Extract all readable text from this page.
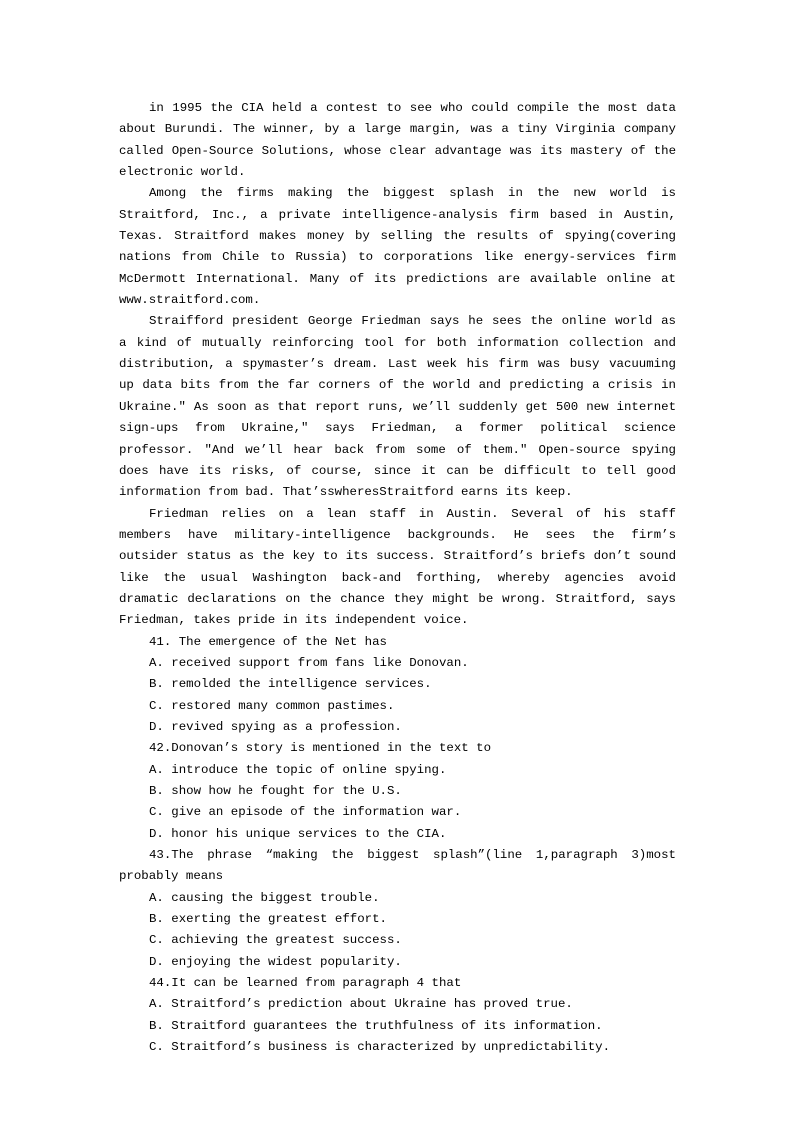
in 1995 the CIA held a contest to see who could compile the most data about Burundi. The winner, by a large margin, was a tiny Virginia company called Open-Source Solutions, whose clear advantage was its mastery of the electronic world.

Among the firms making the biggest splash in the new world is Straitford, Inc., a private intelligence-analysis firm based in Austin, Texas. Straitford makes money by selling the results of spying(covering nations from Chile to Russia) to corporations like energy-services firm McDermott International. Many of its predictions are available online at www.straitford.com.

Straifford president George Friedman says he sees the online world as a kind of mutually reinforcing tool for both information collection and distribution, a spymaster’s dream. Last week his firm was busy vacuuming up data bits from the far corners of the world and predicting a crisis in Ukraine.″ As soon as that report runs, we’ll suddenly get 500 new internet sign-ups from Ukraine,″ says Friedman, a former political science professor. ″And we’ll hear back from some of them.″ Open-source spying does have its risks, of course, since it can be difficult to tell good information from bad. That’sswheresStraitford earns its keep.

Friedman relies on a lean staff in Austin. Several of his staff members have military-intelligence backgrounds. He sees the firm’s outsider status as the key to its success. Straitford’s briefs don’t sound like the usual Washington back-and forthing, whereby agencies avoid dramatic declarations on the chance they might be wrong. Straitford, says Friedman, takes pride in its independent voice.

41. The emergence of the Net has

A. received support from fans like Donovan.

B. remolded the intelligence services.

C. restored many common pastimes.

D. revived spying as a profession.

42.Donovan’s story is mentioned in the text to

A. introduce the topic of online spying.

B. show how he fought for the U.S.

C. give an episode of the information war.

D. honor his unique services to the CIA.

43.The phrase “making the biggest splash”(line 1,paragraph 3)most probably means

A. causing the biggest trouble.

B. exerting the greatest effort.

C. achieving the greatest success.

D. enjoying the widest popularity.

44.It can be learned from paragraph 4 that

A. Straitford’s prediction about Ukraine has proved true.

B. Straitford guarantees the truthfulness of its information.

C. Straitford’s business is characterized by unpredictability.
